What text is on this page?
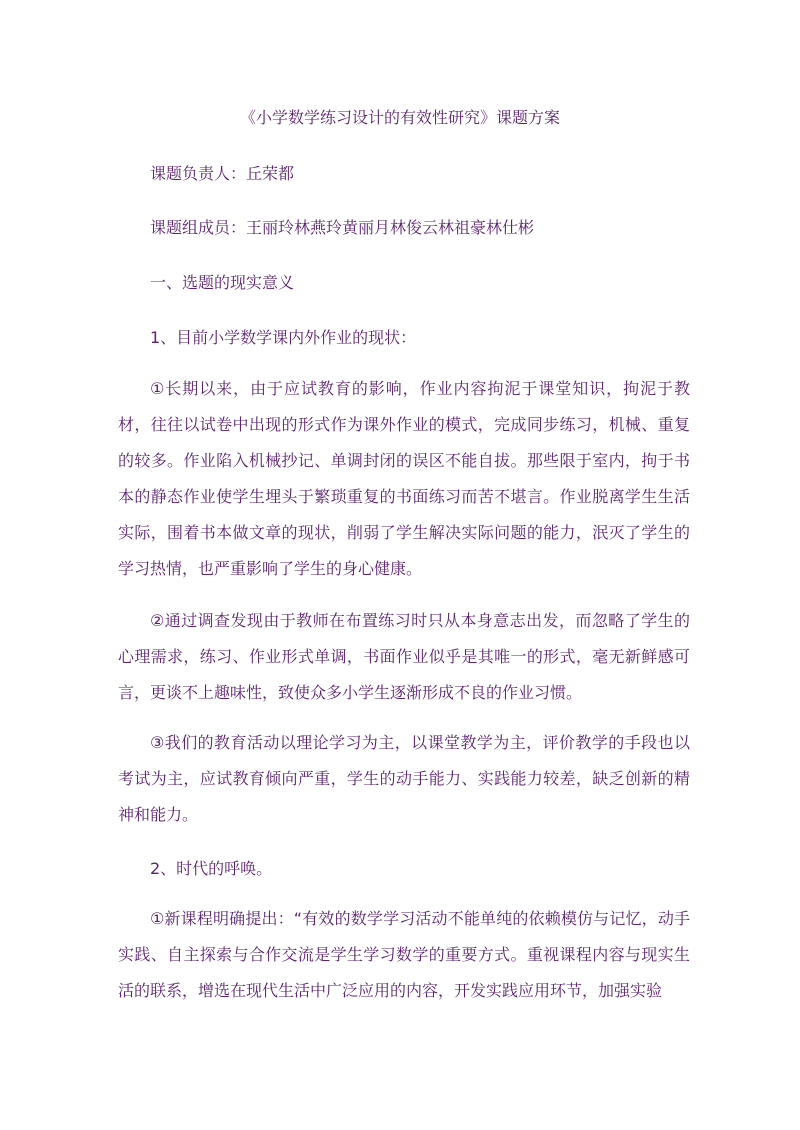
《小学数学练习设计的有效性研究》课题方案
课题负责人：丘荣都
课题组成员：王丽玲林燕玲黄丽月林俊云林祖豪林仕彬
一、选题的现实意义
1、目前小学数学课内外作业的现状：
①长期以来，由于应试教育的影响，作业内容拘泥于课堂知识，拘泥于教材，往往以试卷中出现的形式作为课外作业的模式，完成同步练习，机械、重复的较多。作业陷入机械抄记、单调封闭的误区不能自拔。那些限于室内，拘于书本的静态作业使学生埋头于繁琐重复的书面练习而苦不堪言。作业脱离学生生活实际，围着书本做文章的现状，削弱了学生解决实际问题的能力，泯灭了学生的学习热情，也严重影响了学生的身心健康。
②通过调查发现由于教师在布置练习时只从本身意志出发，而忽略了学生的心理需求，练习、作业形式单调，书面作业似乎是其唯一的形式，毫无新鲜感可言，更谈不上趣味性，致使众多小学生逐渐形成不良的作业习惯。
③我们的教育活动以理论学习为主，以课堂教学为主，评价教学的手段也以考试为主，应试教育倾向严重，学生的动手能力、实践能力较差，缺乏创新的精神和能力。
2、时代的呼唤。
①新课程明确提出：“有效的数学学习活动不能单纯的依赖模仿与记忆，动手实践、自主探索与合作交流是学生学习数学的重要方式。重视课程内容与现实生活的联系，增选在现代生活中广泛应用的内容，开发实践应用环节，加强实验
